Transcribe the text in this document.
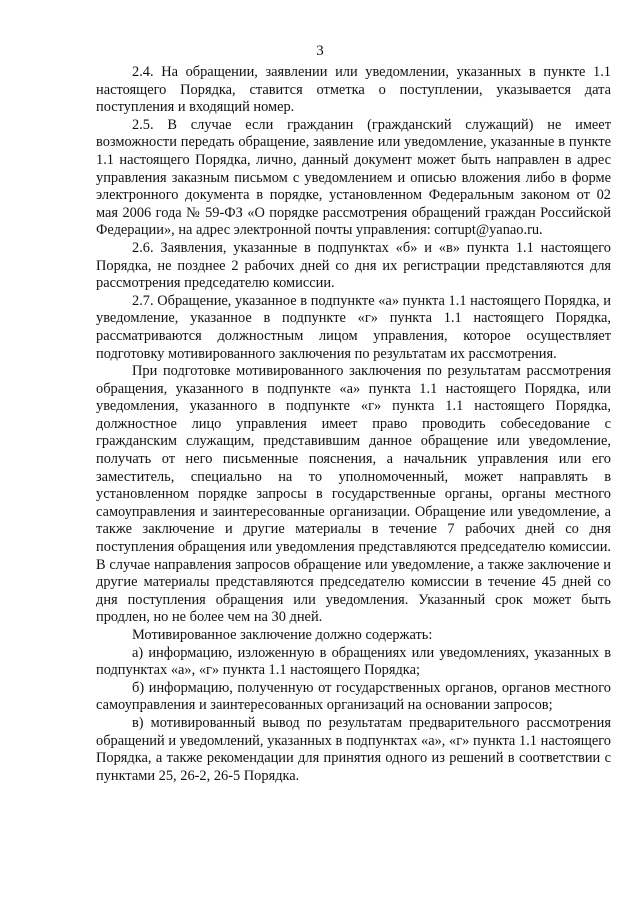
3

2.4. На обращении, заявлении или уведомлении, указанных в пункте 1.1 настоящего Порядка, ставится отметка о поступлении, указывается дата поступления и входящий номер.

2.5. В случае если гражданин (гражданский служащий) не имеет возможности передать обращение, заявление или уведомление, указанные в пункте 1.1 настоящего Порядка, лично, данный документ может быть направлен в адрес управления заказным письмом с уведомлением и описью вложения либо в форме электронного документа в порядке, установленном Федеральным законом от 02 мая 2006 года № 59-ФЗ «О порядке рассмотрения обращений граждан Российской Федерации», на адрес электронной почты управления: corrupt@yanao.ru.

2.6. Заявления, указанные в подпунктах «б» и «в» пункта 1.1 настоящего Порядка, не позднее 2 рабочих дней со дня их регистрации представляются для рассмотрения председателю комиссии.

2.7. Обращение, указанное в подпункте «а» пункта 1.1 настоящего Порядка, и уведомление, указанное в подпункте «г» пункта 1.1 настоящего Порядка, рассматриваются должностным лицом управления, которое осуществляет подготовку мотивированного заключения по результатам их рассмотрения.

При подготовке мотивированного заключения по результатам рассмотрения обращения, указанного в подпункте «а» пункта 1.1 настоящего Порядка, или уведомления, указанного в подпункте «г» пункта 1.1 настоящего Порядка, должностное лицо управления имеет право проводить собеседование с гражданским служащим, представившим данное обращение или уведомление, получать от него письменные пояснения, а начальник управления или его заместитель, специально на то уполномоченный, может направлять в установленном порядке запросы в государственные органы, органы местного самоуправления и заинтересованные организации. Обращение или уведомление, а также заключение и другие материалы в течение 7 рабочих дней со дня поступления обращения или уведомления представляются председателю комиссии. В случае направления запросов обращение или уведомление, а также заключение и другие материалы представляются председателю комиссии в течение 45 дней со дня поступления обращения или уведомления. Указанный срок может быть продлен, но не более чем на 30 дней.

Мотивированное заключение должно содержать:

а) информацию, изложенную в обращениях или уведомлениях, указанных в подпунктах «а», «г» пункта 1.1 настоящего Порядка;

б) информацию, полученную от государственных органов, органов местного самоуправления и заинтересованных организаций на основании запросов;

в) мотивированный вывод по результатам предварительного рассмотрения обращений и уведомлений, указанных в подпунктах «а», «г» пункта 1.1 настоящего Порядка, а также рекомендации для принятия одного из решений в соответствии с пунктами 25, 26-2, 26-5 Порядка.
